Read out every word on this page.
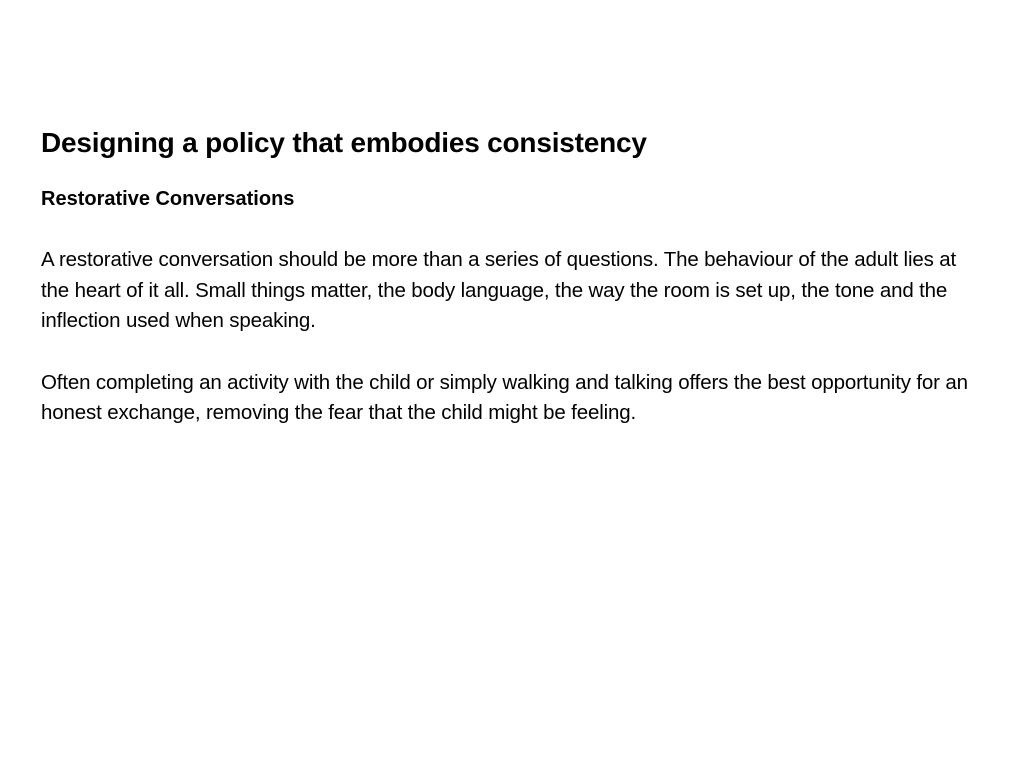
Designing a policy that embodies consistency
Restorative Conversations

A restorative conversation should be more than a series of questions. The behaviour of the adult lies at the heart of it all. Small things matter, the body language, the way the room is set up, the tone and the inflection used when speaking.

Often completing an activity with the child or simply walking and talking offers the best opportunity for an honest exchange, removing the fear that the child might be feeling.
